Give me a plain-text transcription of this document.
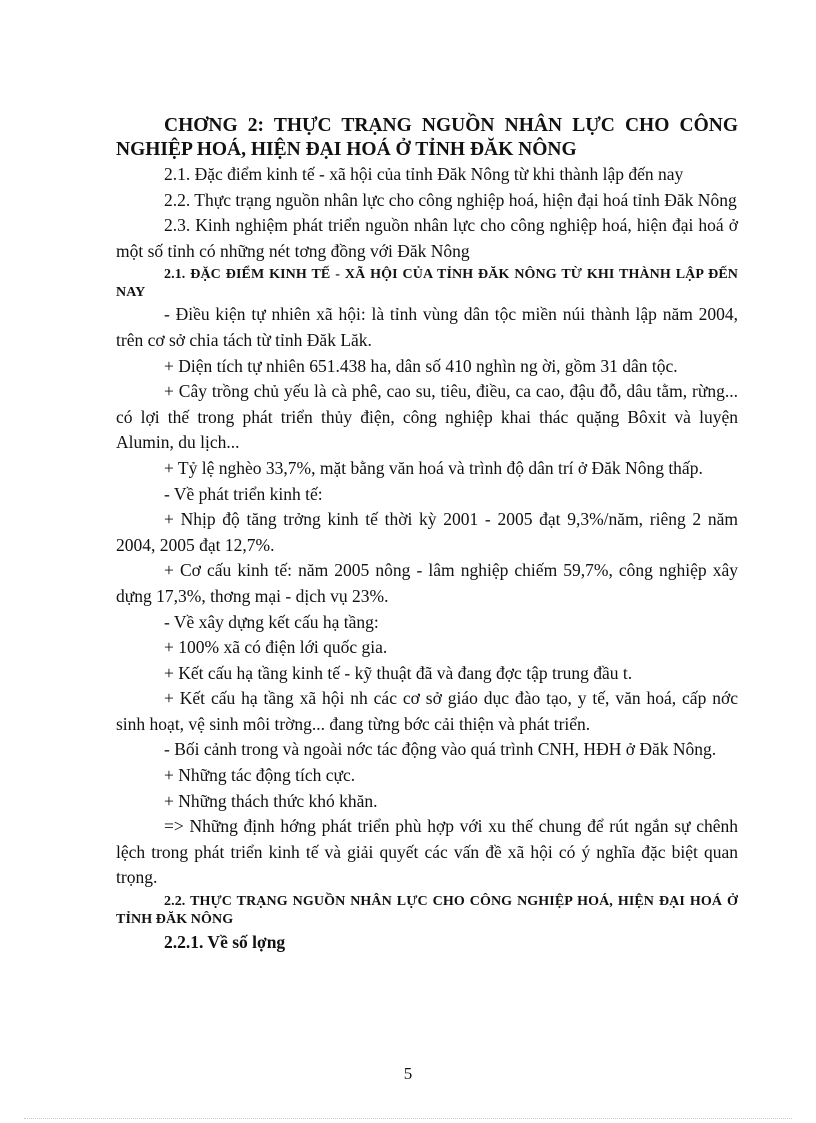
CHƠNG 2: THỰC TRẠNG NGUỒN NHÂN LỰC CHO CÔNG NGHIỆP HOÁ, HIỆN ĐẠI HOÁ Ở TỈNH ĐĂK NÔNG

2.1. Đặc điểm kinh tế - xã hội của tỉnh Đăk Nông từ khi thành lập đến nay

2.2. Thực trạng nguồn nhân lực cho công nghiệp hoá, hiện đại hoá tỉnh Đăk Nông

2.3. Kinh nghiệm phát triển nguồn nhân lực cho công nghiệp hoá, hiện đại hoá ở một số tỉnh có những nét tơng đồng với Đăk Nông

2.1. ĐẶC ĐIỂM KINH TẾ - XÃ HỘI CỦA TỈNH ĐĂK NÔNG TỪ KHI THÀNH LẬP ĐẾN NAY

- Điều kiện tự nhiên xã hội: là tỉnh vùng dân tộc miền núi thành lập năm 2004, trên cơ sở chia tách từ tỉnh Đăk Lăk.

+ Diện tích tự nhiên 651.438 ha, dân số 410 nghìn ng ời, gồm 31 dân tộc.

+ Cây trồng chủ yếu là cà phê, cao su, tiêu, điều, ca cao, đậu đỗ, dâu tằm, rừng... có lợi thế trong phát triển thủy điện, công nghiệp khai thác quặng Bôxit và luyện Alumin, du lịch...

+ Tỷ lệ nghèo 33,7%, mặt bằng văn hoá và trình độ dân trí ở Đăk Nông thấp.

- Về phát triển kinh tế:

+ Nhịp độ tăng trởng kinh tế thời kỳ 2001 - 2005 đạt 9,3%/năm, riêng 2 năm 2004, 2005 đạt 12,7%.

+ Cơ cấu kinh tế: năm 2005 nông - lâm nghiệp chiếm 59,7%, công nghiệp xây dựng 17,3%, thơng mại - dịch vụ 23%.

- Về xây dựng kết cấu hạ tầng:

+ 100% xã có điện lới quốc gia.

+ Kết cấu hạ tầng kinh tế - kỹ thuật đã và đang đợc tập trung đầu t.

+ Kết cấu hạ tầng xã hội nh các cơ sở giáo dục đào tạo, y tế, văn hoá, cấp nớc sinh hoạt, vệ sinh môi trờng... đang từng bớc cải thiện và phát triển.

- Bối cảnh trong và ngoài nớc tác động vào quá trình CNH, HĐH ở Đăk Nông.

+ Những tác động tích cực.

+ Những thách thức khó khăn.

=> Những định hớng phát triển phù hợp với xu thế chung để rút ngắn sự chênh lệch trong phát triển kinh tế và giải quyết các vấn đề xã hội có ý nghĩa đặc biệt quan trọng.

2.2. THỰC TRẠNG NGUỒN NHÂN LỰC CHO CÔNG NGHIỆP HOÁ, HIỆN ĐẠI HOÁ Ở TỈNH ĐĂK NÔNG

2.2.1. Về số lợng

5
